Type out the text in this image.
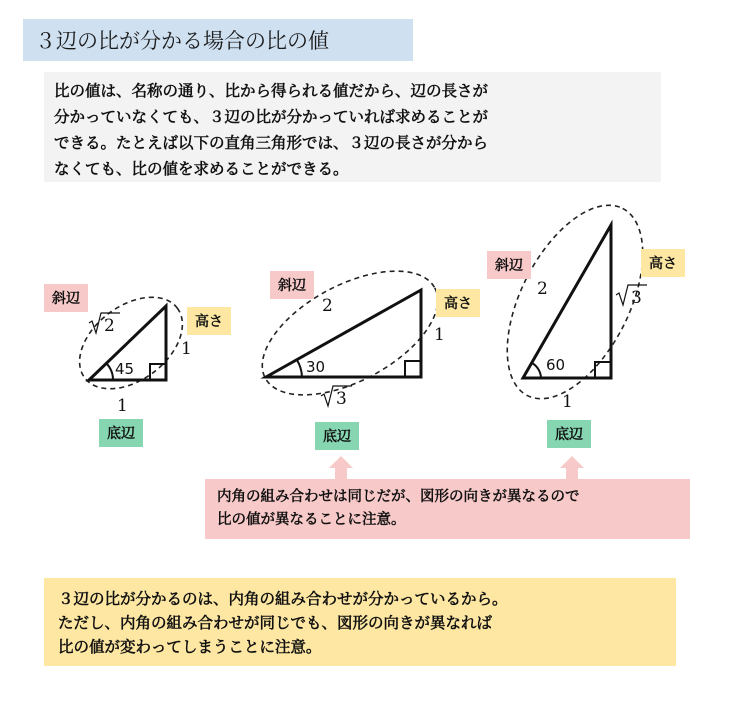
３辺の比が分かる場合の比の値
比の値は、名称の通り、比から得られる値だから、辺の長さが
分かっていなくても、３辺の比が分かっていれば求めることが
できる。たとえば以下の直角三角形では、３辺の長さが分から
なくても、比の値を求めることができる。
45
2
1
1
30
2
1
3
60
2	3
1
斜辺
高さ
底辺
斜辺
高さ
底辺
斜辺	高さ
底辺
内角の組み合わせは同じだが、図形の向きが異なるので
比の値が異なることに注意。
３辺の比が分かるのは、内角の組み合わせが分かっているから。
ただし、内角の組み合わせが同じでも、図形の向きが異なれば
比の値が変わってしまうことに注意。
